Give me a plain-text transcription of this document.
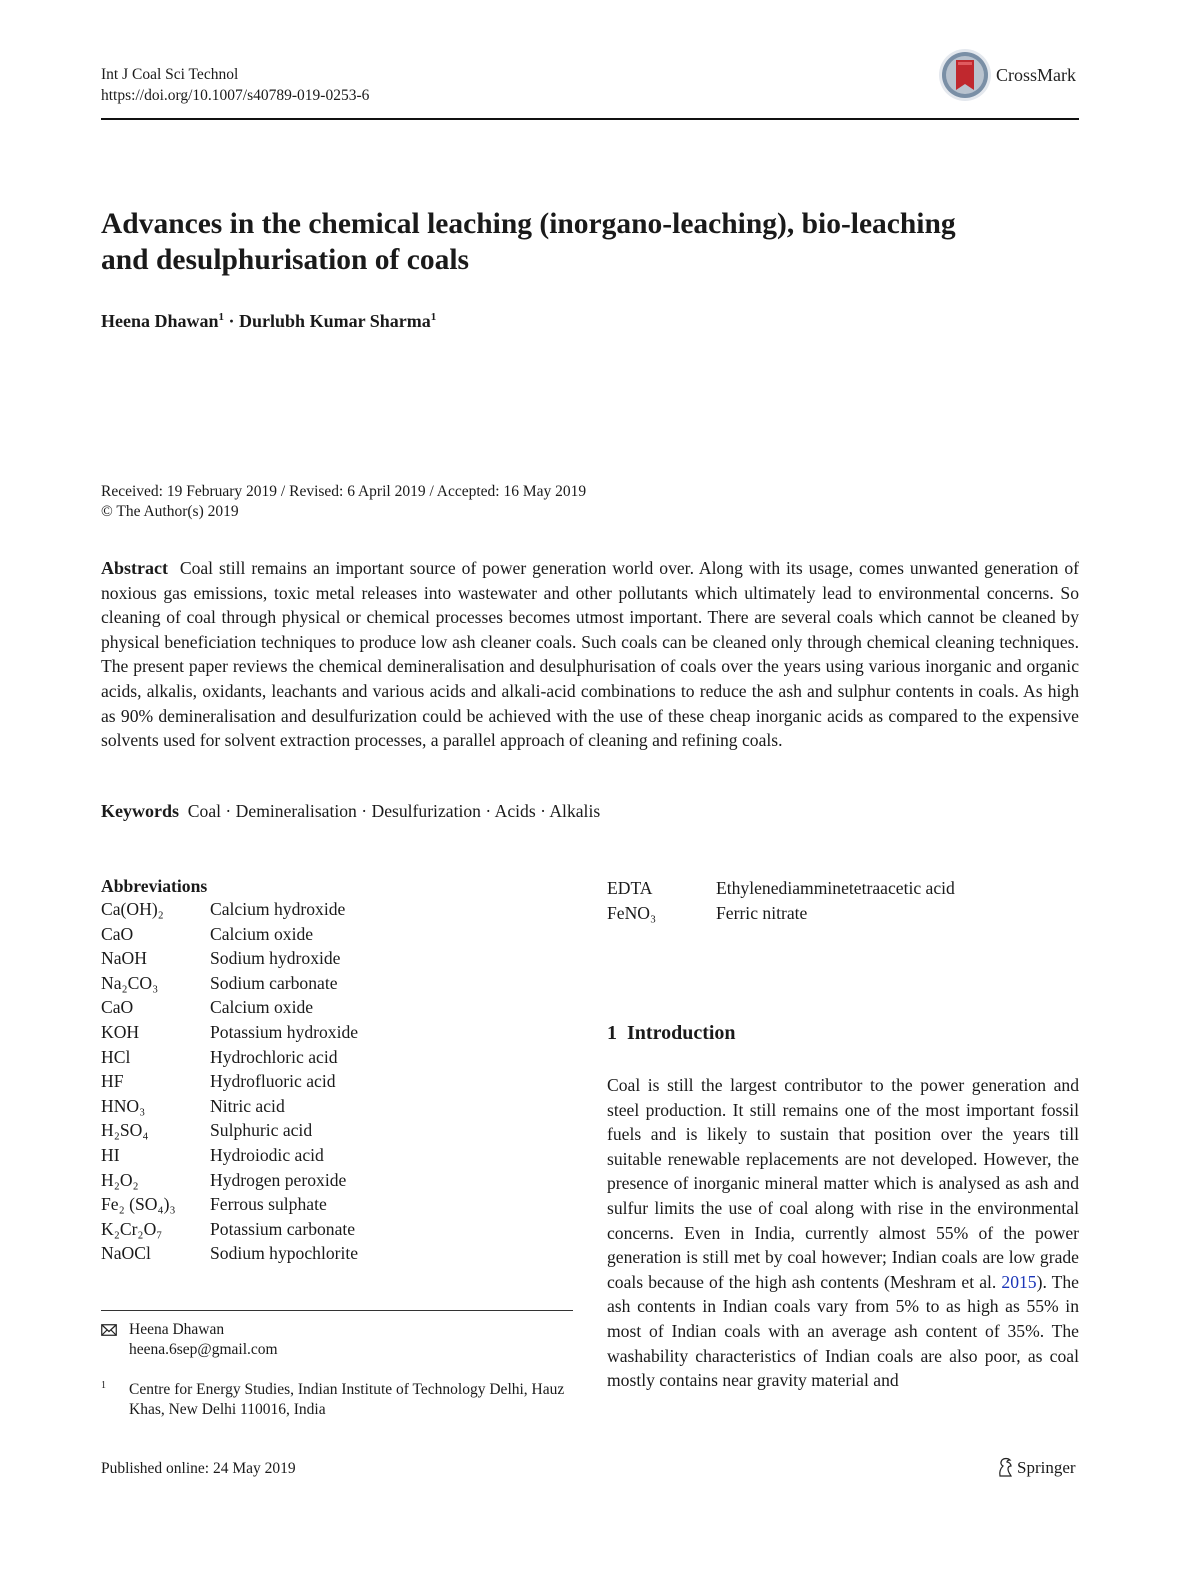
Int J Coal Sci Technol
https://doi.org/10.1007/s40789-019-0253-6
CrossMark
Advances in the chemical leaching (inorgano-leaching), bio-leaching and desulphurisation of coals
Heena Dhawan$^1$ · Durlubh Kumar Sharma$^1$
Received: 19 February 2019 / Revised: 6 April 2019 / Accepted: 16 May 2019
© The Author(s) 2019

Abstract Coal still remains an important source of power generation world over. Along with its usage, comes unwanted generation of noxious gas emissions, toxic metal releases into wastewater and other pollutants which ultimately lead to environmental concerns. So cleaning of coal through physical or chemical processes becomes utmost important. There are several coals which cannot be cleaned by physical beneficiation techniques to produce low ash cleaner coals. Such coals can be cleaned only through chemical cleaning techniques. The present paper reviews the chemical demineralisation and desulphurisation of coals over the years using various inorganic and organic acids, alkalis, oxidants, leachants and various acids and alkali-acid combinations to reduce the ash and sulphur contents in coals. As high as 90% demineralisation and desulfurization could be achieved with the use of these cheap inorganic acids as compared to the expensive solvents used for solvent extraction processes, a parallel approach of cleaning and refining coals.

Keywords Coal · Demineralisation · Desulfurization · Acids · Alkalis
Abbreviations
Ca(OH)₂	Calcium hydroxide
CaO	Calcium oxide
NaOH	Sodium hydroxide
Na₂CO₃	Sodium carbonate
CaO	Calcium oxide
KOH	Potassium hydroxide
HCl	Hydrochloric acid
HF	Hydrofluoric acid
HNO₃	Nitric acid
H₂SO₄	Sulphuric acid
HI	Hydroiodic acid
H₂O₂	Hydrogen peroxide
Fe₂ (SO₄)₃ Ferrous sulphate
K₂Cr₂O₇	Potassium carbonate
NaOCl	Sodium hypochlorite
EDTA	Ethylenediamminetetraacetic acid
FeNO₃	Ferric nitrate
Heena Dhawan
heena.6sep@gmail.com
1 Centre for Energy Studies, Indian Institute of Technology Delhi, Hauz Khas, New Delhi 110016, India
1  Introduction

Coal is still the largest contributor to the power generation and steel production. It still remains one of the most important fossil fuels and is likely to sustain that position over the years till suitable renewable replacements are not developed. However, the presence of inorganic mineral matter which is analysed as ash and sulfur limits the use of coal along with rise in the environmental concerns. Even in India, currently almost 55% of the power generation is still met by coal however; Indian coals are low grade coals because of the high ash contents (Meshram et al. 2015). The ash contents in Indian coals vary from 5% to as high as 55% in most of Indian coals with an average ash content of 35%. The washability characteristics of Indian coals are also poor, as coal mostly contains near gravity material and

Published online: 24 May 2019	Springer
